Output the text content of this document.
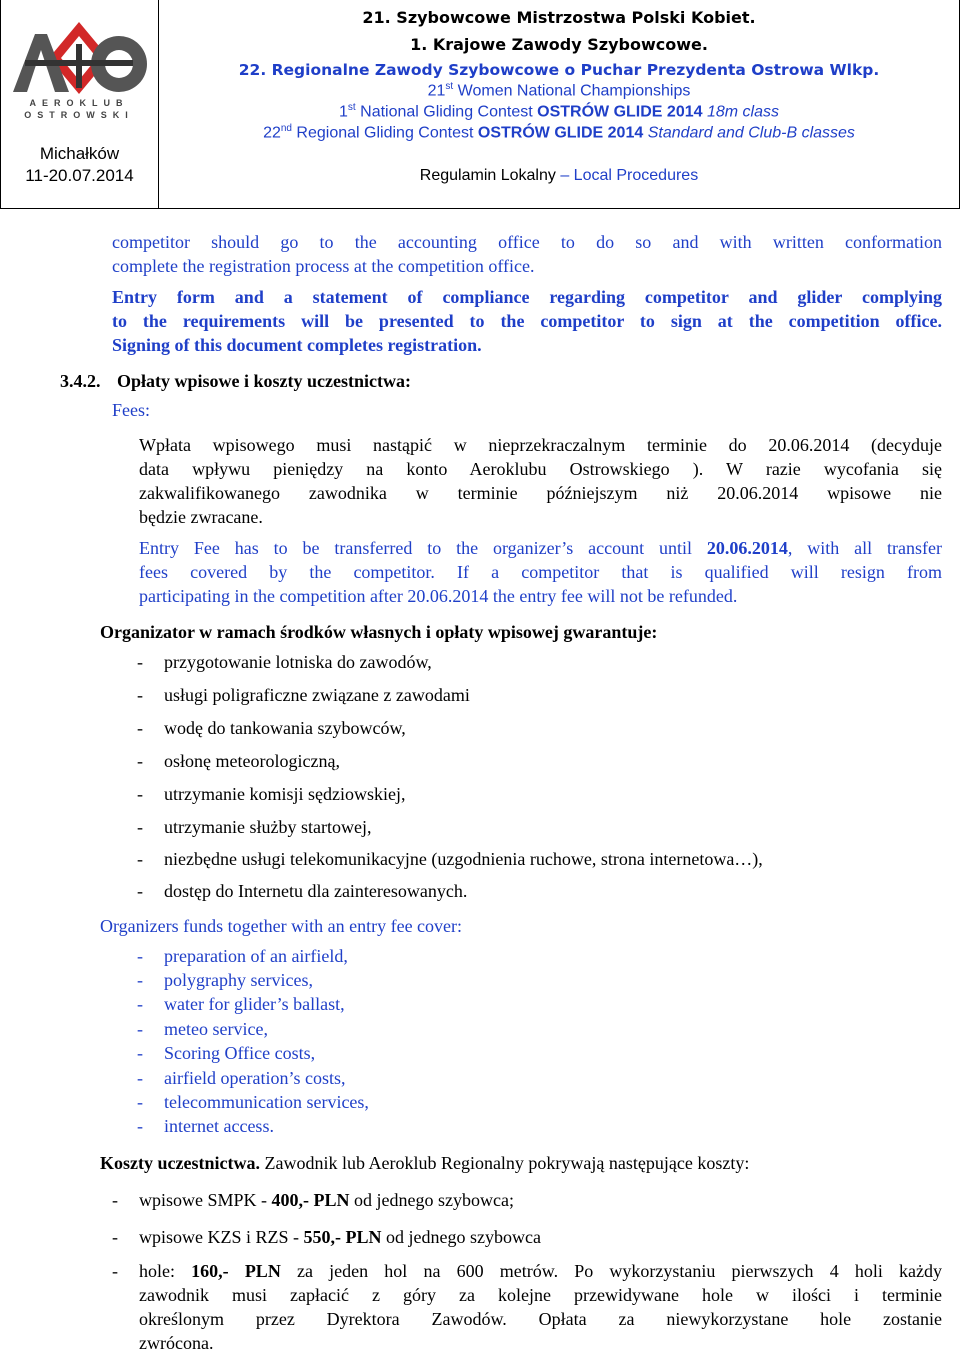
AEROKLUB
OSTROWSKI
Michałków
11-20.07.2014
21. Szybowcowe Mistrzostwa Polski Kobiet.
1. Krajowe Zawody Szybowcowe.
22. Regionalne Zawody Szybowcowe o Puchar Prezydenta Ostrowa Wlkp.
21st Women National Championships
1st National Gliding Contest OSTRÓW GLIDE 2014 18m class
22nd Regional Gliding Contest OSTRÓW GLIDE 2014 Standard and Club-B classes
Regulamin Lokalny – Local Procedures
competitor should go to the accounting office to do so and with written conformation
complete the registration process at the competition office.
Entry form and a statement of compliance regarding competitor and glider complying
to the requirements will be presented to the competitor to sign at the competition office.
Signing of this document completes registration.
3.4.2. Opłaty wpisowe i koszty uczestnictwa:
Fees:
Wpłata wpisowego musi nastąpić w nieprzekraczalnym terminie do 20.06.2014 (decyduje
data wpływu pieniędzy na konto Aeroklubu Ostrowskiego ). W razie wycofania się
zakwalifikowanego zawodnika w terminie późniejszym niż 20.06.2014 wpisowe nie
będzie zwracane.
Entry Fee has to be transferred to the organizer’s account until 20.06.2014, with all transfer
fees covered by the competitor. If a competitor that is qualified will resign from
participating in the competition after 20.06.2014 the entry fee will not be refunded.
Organizator w ramach środków własnych i opłaty wpisowej gwarantuje:
- przygotowanie lotniska do zawodów,
- usługi poligraficzne związane z zawodami
- wodę do tankowania szybowców,
- osłonę meteorologiczną,
- utrzymanie komisji sędziowskiej,
- utrzymanie służby startowej,
- niezbędne usługi telekomunikacyjne (uzgodnienia ruchowe, strona internetowa…),
- dostęp do Internetu dla zainteresowanych.
Organizers funds together with an entry fee cover:
- preparation of an airfield,
- polygraphy services,
- water for glider’s ballast,
- meteo service,
- Scoring Office costs,
- airfield operation’s costs,
- telecommunication services,
- internet access.
Koszty uczestnictwa. Zawodnik lub Aeroklub Regionalny pokrywają następujące koszty:
- wpisowe SMPK - 400,- PLN od jednego szybowca;
- wpisowe KZS i RZS - 550,- PLN od jednego szybowca
- hole: 160,- PLN za jeden hol na 600 metrów. Po wykorzystaniu pierwszych 4 holi każdy
zawodnik musi zapłacić z góry za kolejne przewidywane hole w ilości i terminie
określonym przez Dyrektora Zawodów. Opłata za niewykorzystane hole zostanie
zwrócona.
